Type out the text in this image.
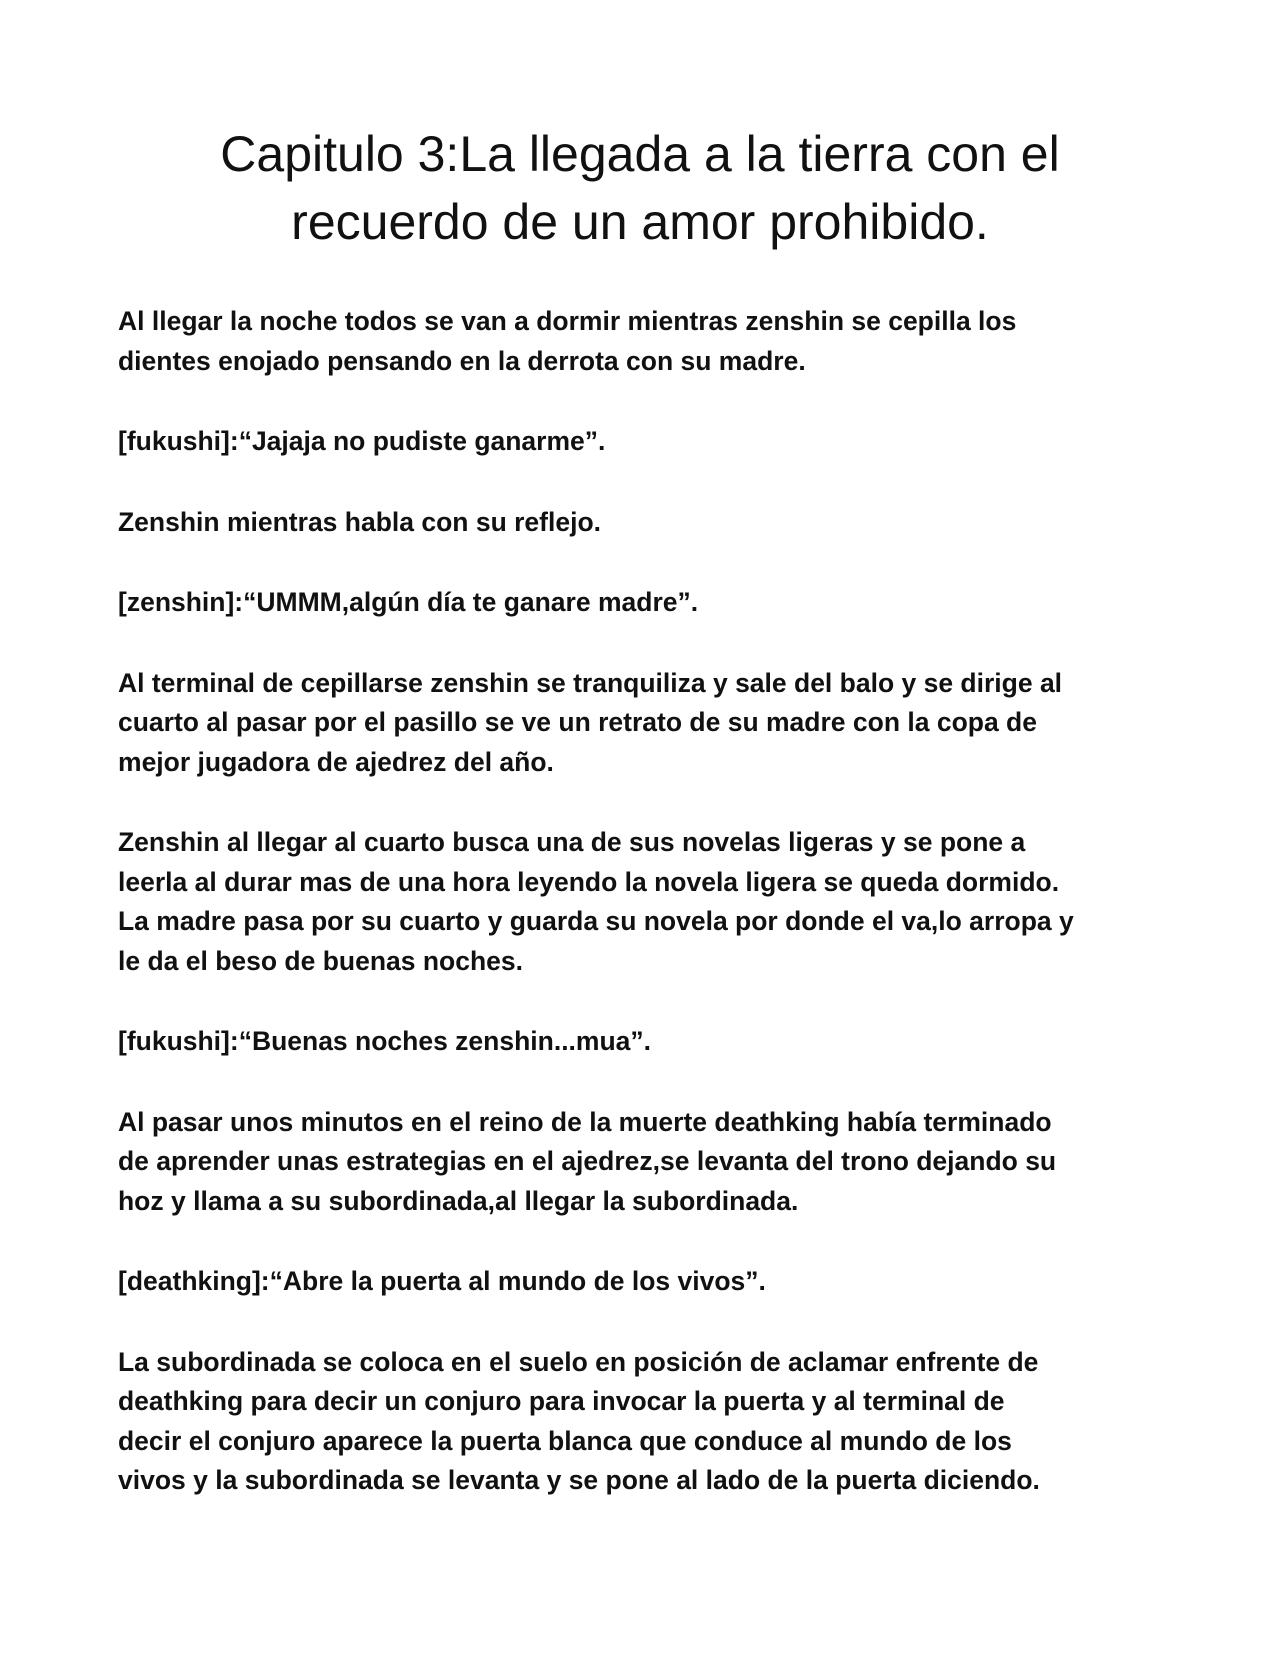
Capitulo 3:La llegada a la tierra con el
recuerdo de un amor prohibido.

Al llegar la noche todos se van a dormir mientras zenshin se cepilla los
dientes enojado pensando en la derrota con su madre.

[fukushi]:“Jajaja no pudiste ganarme”.

Zenshin mientras habla con su reflejo.

[zenshin]:“UMMM,algún día te ganare madre”.

Al terminal de cepillarse zenshin se tranquiliza y sale del balo y se dirige al
cuarto al pasar por el pasillo se ve un retrato de su madre con la copa de
mejor jugadora de ajedrez del año.

Zenshin al llegar al cuarto busca una de sus novelas ligeras y se pone a
leerla al durar mas de una hora leyendo la novela ligera se queda dormido.
La madre pasa por su cuarto y guarda su novela por donde el va,lo arropa y
le da el beso de buenas noches.

[fukushi]:“Buenas noches zenshin...mua”.

Al pasar unos minutos en el reino de la muerte deathking había terminado
de aprender unas estrategias en el ajedrez,se levanta del trono dejando su
hoz y llama a su subordinada,al llegar la subordinada.

[deathking]:“Abre la puerta al mundo de los vivos”.

La subordinada se coloca en el suelo en posición de aclamar enfrente de
deathking para decir un conjuro para invocar la puerta y al terminal de
decir el conjuro aparece la puerta blanca que conduce al mundo de los
vivos y la subordinada se levanta y se pone al lado de la puerta diciendo.
